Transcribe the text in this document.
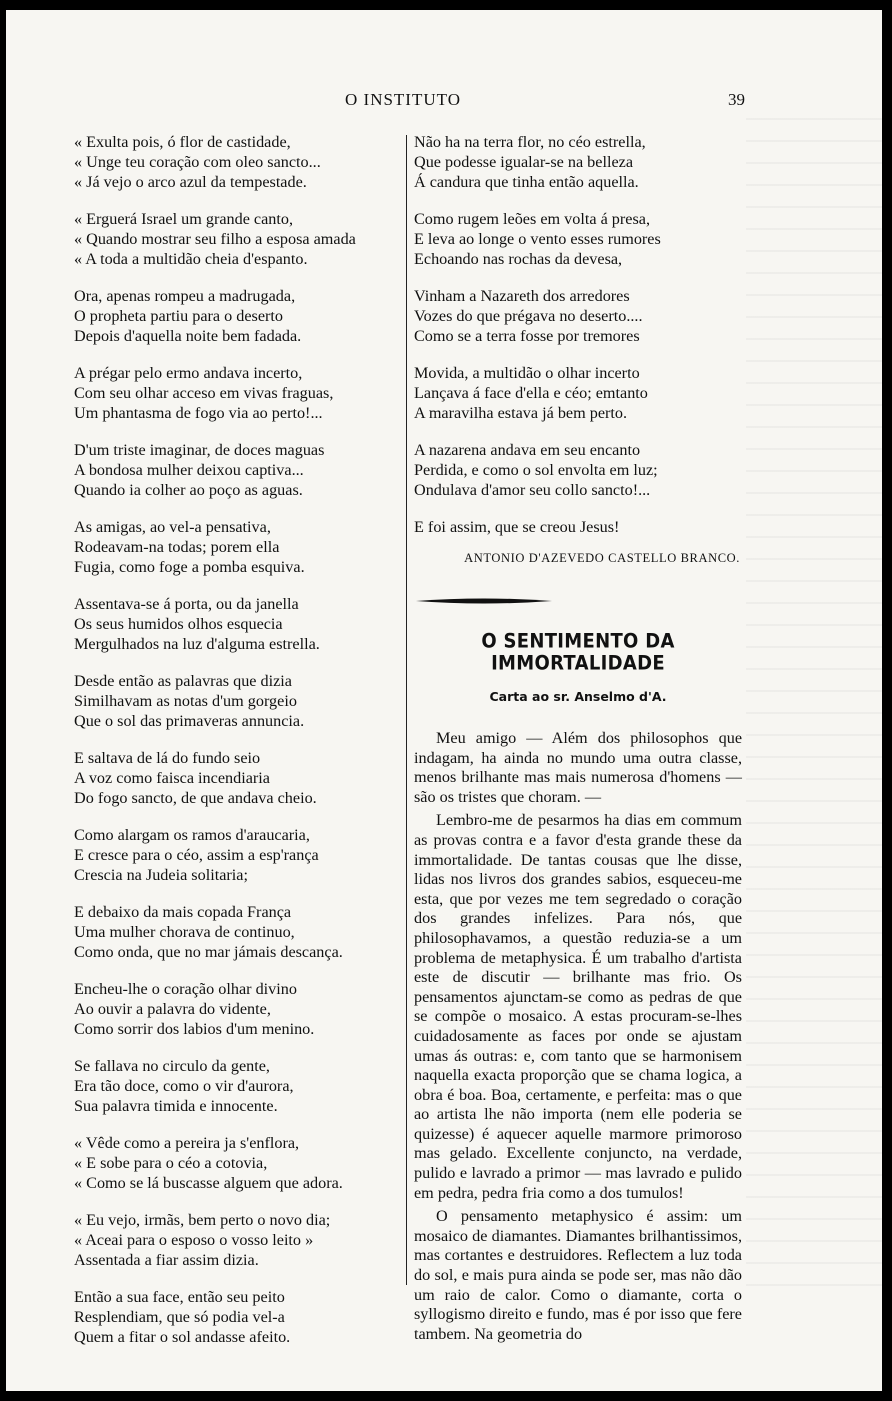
O INSTITUTO	39
« Exulta pois, ó flor de castidade,
« Unge teu coração com oleo sancto...
« Já vejo o arco azul da tempestade.
« Erguerá Israel um grande canto,
« Quando mostrar seu filho a esposa amada
« A toda a multidão cheia d'espanto.
Ora, apenas rompeu a madrugada,
O propheta partiu para o deserto
Depois d'aquella noite bem fadada.
A prégar pelo ermo andava incerto,
Com seu olhar acceso em vivas fraguas,
Um phantasma de fogo via ao perto!...
D'um triste imaginar, de doces maguas
A bondosa mulher deixou captiva...
Quando ia colher ao poço as aguas.
As amigas, ao vel-a pensativa,
Rodeavam-na todas; porem ella
Fugia, como foge a pomba esquiva.
Assentava-se á porta, ou da janella
Os seus humidos olhos esquecia
Mergulhados na luz d'alguma estrella.
Desde então as palavras que dizia
Similhavam as notas d'um gorgeio
Que o sol das primaveras annuncia.
E saltava de lá do fundo seio
A voz como faisca incendiaria
Do fogo sancto, de que andava cheio.
Como alargam os ramos d'araucaria,
E cresce para o céo, assim a esp'rança
Crescia na Judeia solitaria;
E debaixo da mais copada França
Uma mulher chorava de continuo,
Como onda, que no mar jámais descança.
Encheu-lhe o coração olhar divino
Ao ouvir a palavra do vidente,
Como sorrir dos labios d'um menino.
Se fallava no circulo da gente,
Era tão doce, como o vir d'aurora,
Sua palavra timida e innocente.
« Vêde como a pereira ja s'enflora,
« E sobe para o céo a cotovia,
« Como se lá buscasse alguem que adora.
« Eu vejo, irmãs, bem perto o novo dia;
« Aceai para o esposo o vosso leito »
Assentada a fiar assim dizia.
Então a sua face, então seu peito
Resplendiam, que só podia vel-a
Quem a fitar o sol andasse afeito.
Não ha na terra flor, no céo estrella,
Que podesse igualar-se na belleza
Á candura que tinha então aquella.
Como rugem leões em volta á presa,
E leva ao longe o vento esses rumores
Echoando nas rochas da devesa,
Vinham a Nazareth dos arredores
Vozes do que prégava no deserto....
Como se a terra fosse por tremores
Movida, a multidão o olhar incerto
Lançava á face d'ella e céo; emtanto
A maravilha estava já bem perto.
A nazarena andava em seu encanto
Perdida, e como o sol envolta em luz;
Ondulava d'amor seu collo sancto!...
E foi assim, que se creou Jesus!
ANTONIO D'AZEVEDO CASTELLO BRANCO.
O SENTIMENTO DA IMMORTALIDADE
Carta ao sr. Anselmo d'A.

Meu amigo — Além dos philosophos que indagam, ha ainda no mundo uma outra classe, menos brilhante mas mais numerosa d'homens — são os tristes que choram. —

Lembro-me de pesarmos ha dias em commum as provas contra e a favor d'esta grande these da immortalidade. De tantas cousas que lhe disse, lidas nos livros dos grandes sabios, esqueceu-me esta, que por vezes me tem segredado o coração dos grandes infelizes. Para nós, que philosophavamos, a questão reduzia-se a um problema de metaphysica. É um trabalho d'artista este de discutir — brilhante mas frio. Os pensamentos ajunctam-se como as pedras de que se compõe o mosaico. A estas procuram-se-lhes cuidadosamente as faces por onde se ajustam umas ás outras: e, com tanto que se harmonisem naquella exacta proporção que se chama logica, a obra é boa. Boa, certamente, e perfeita: mas o que ao artista lhe não importa (nem elle poderia se quizesse) é aquecer aquelle marmore primoroso mas gelado. Excellente conjuncto, na verdade, pulido e lavrado a primor — mas lavrado e pulido em pedra, pedra fria como a dos tumulos!

O pensamento metaphysico é assim: um mosaico de diamantes. Diamantes brilhantissimos, mas cortantes e destruidores. Reflectem a luz toda do sol, e mais pura ainda se pode ser, mas não dão um raio de calor. Como o diamante, corta o syllogismo direito e fundo, mas é por isso que fere tambem. Na geometria do
